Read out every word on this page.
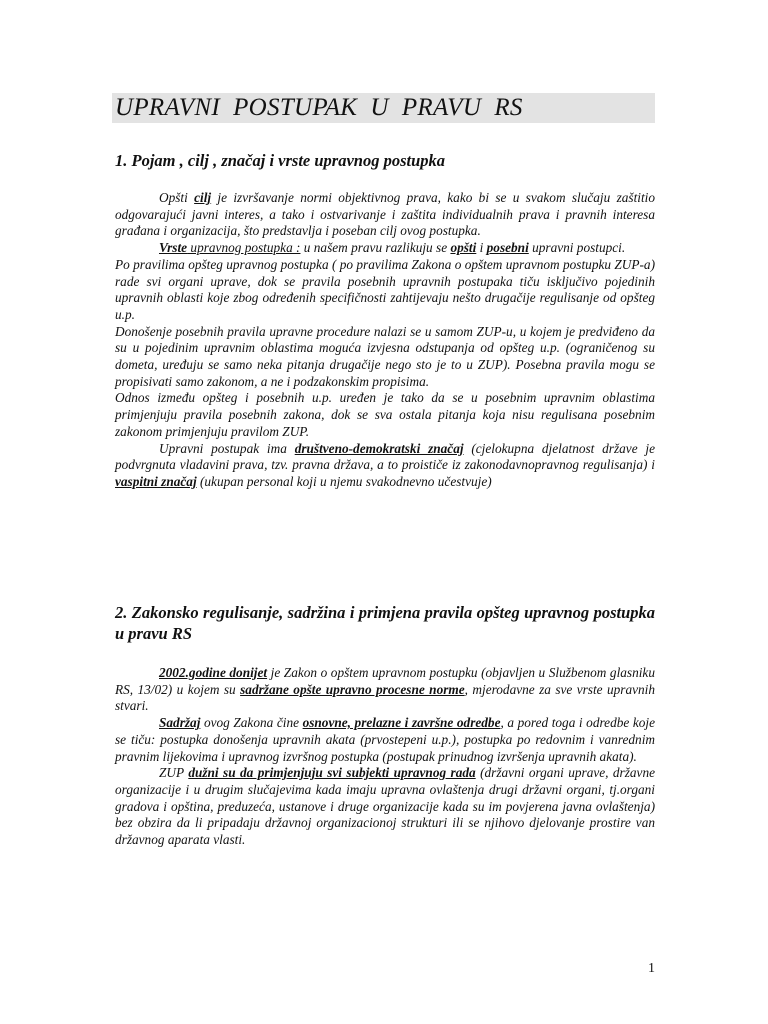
UPRAVNI  POSTUPAK  U  PRAVU  RS
1. Pojam , cilj , značaj i vrste upravnog postupka

Opšti cilj je izvršavanje normi objektivnog prava, kako bi se u svakom slučaju zaštitio odgovarajući javni interes, a tako i ostvarivanje i zaštita individualnih prava i pravnih interesa građana i organizacija, što predstavlja i poseban cilj ovog postupka.

Vrste upravnog postupka : u našem pravu razlikuju se opšti i posebni upravni postupci.

Po pravilima opšteg upravnog postupka ( po pravilima Zakona o opštem upravnom postupku ZUP-a) rade svi organi uprave, dok se pravila posebnih upravnih postupaka tiču isključivo pojedinih upravnih oblasti koje zbog određenih specifičnosti zahtijevaju nešto drugačije regulisanje od opšteg u.p.

Donošenje posebnih pravila upravne procedure nalazi se u samom ZUP-u, u kojem je predviđeno da su u pojedinim upravnim oblastima moguća izvjesna odstupanja od opšteg u.p. (ograničenog su dometa, uređuju se samo neka pitanja drugačije nego sto je to u ZUP). Posebna pravila mogu se propisivati samo zakonom, a ne i podzakonskim propisima.

Odnos između opšteg i posebnih u.p. uređen je tako da se u posebnim upravnim oblastima primjenjuju pravila posebnih zakona, dok se sva ostala pitanja koja nisu regulisana posebnim zakonom primjenjuju pravilom ZUP.

Upravni postupak ima društveno-demokratski značaj (cjelokupna djelatnost države je podvrgnuta vladavini prava, tzv. pravna država, a to proističe iz zakonodavnopravnog regulisanja) i vaspitni značaj (ukupan personal koji u njemu svakodnevno učestvuje)

2. Zakonsko regulisanje, sadržina i primjena pravila opšteg upravnog postupka u pravu RS

2002.godine donijet je Zakon o opštem upravnom postupku (objavljen u Službenom glasniku RS, 13/02) u kojem su sadržane opšte upravno procesne norme, mjerodavne za sve vrste upravnih stvari.

Sadržaj ovog Zakona čine osnovne, prelazne i završne odredbe, a pored toga i odredbe koje se tiču: postupka donošenja upravnih akata (prvostepeni u.p.), postupka po redovnim i vanrednim pravnim lijekovima i upravnog izvršnog postupka (postupak prinudnog izvršenja upravnih akata).

ZUP dužni su da primjenjuju svi subjekti upravnog rada (državni organi uprave, državne organizacije i u drugim slučajevima kada imaju upravna ovlaštenja drugi državni organi, tj.organi gradova i opština, preduzeća, ustanove i druge organizacije kada su im povjerena javna ovlaštenja) bez obzira da li pripadaju državnoj organizacionoj strukturi ili se njihovo djelovanje prostire van državnog aparata vlasti.

1
